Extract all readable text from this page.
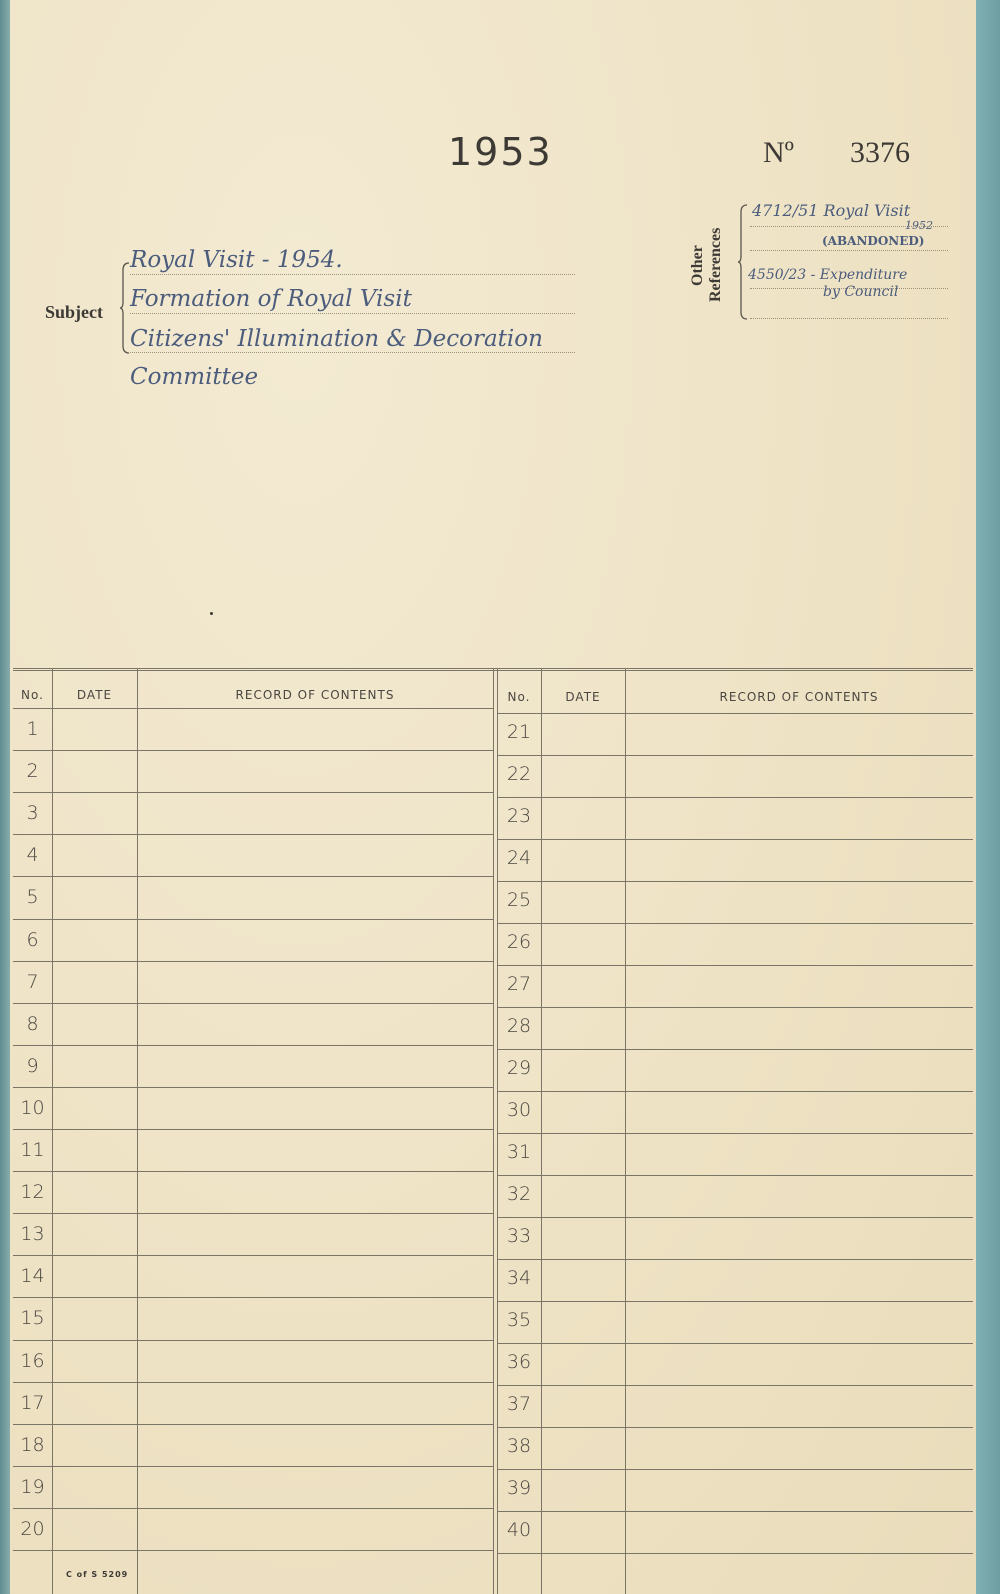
1953	Nº 3376
Subject
Royal Visit - 1954.
Formation of Royal Visit
Citizens' Illumination & Decoration
Committee
Other References
4712/51 Royal Visit
1952
(ABANDONED)
4550/23 - Expenditure
by Council
No.	DATE	RECORD OF CONTENTS	No.	DATE	RECORD OF CONTENTS
1
2
3
4
5
6
7
8
9
10
11
12
13
14
15
16
17
18
19
20
21
22
23
24
25
26
27
28
29
30
31
32
33
34
35
36
37
38
39
40
C of S 5209
